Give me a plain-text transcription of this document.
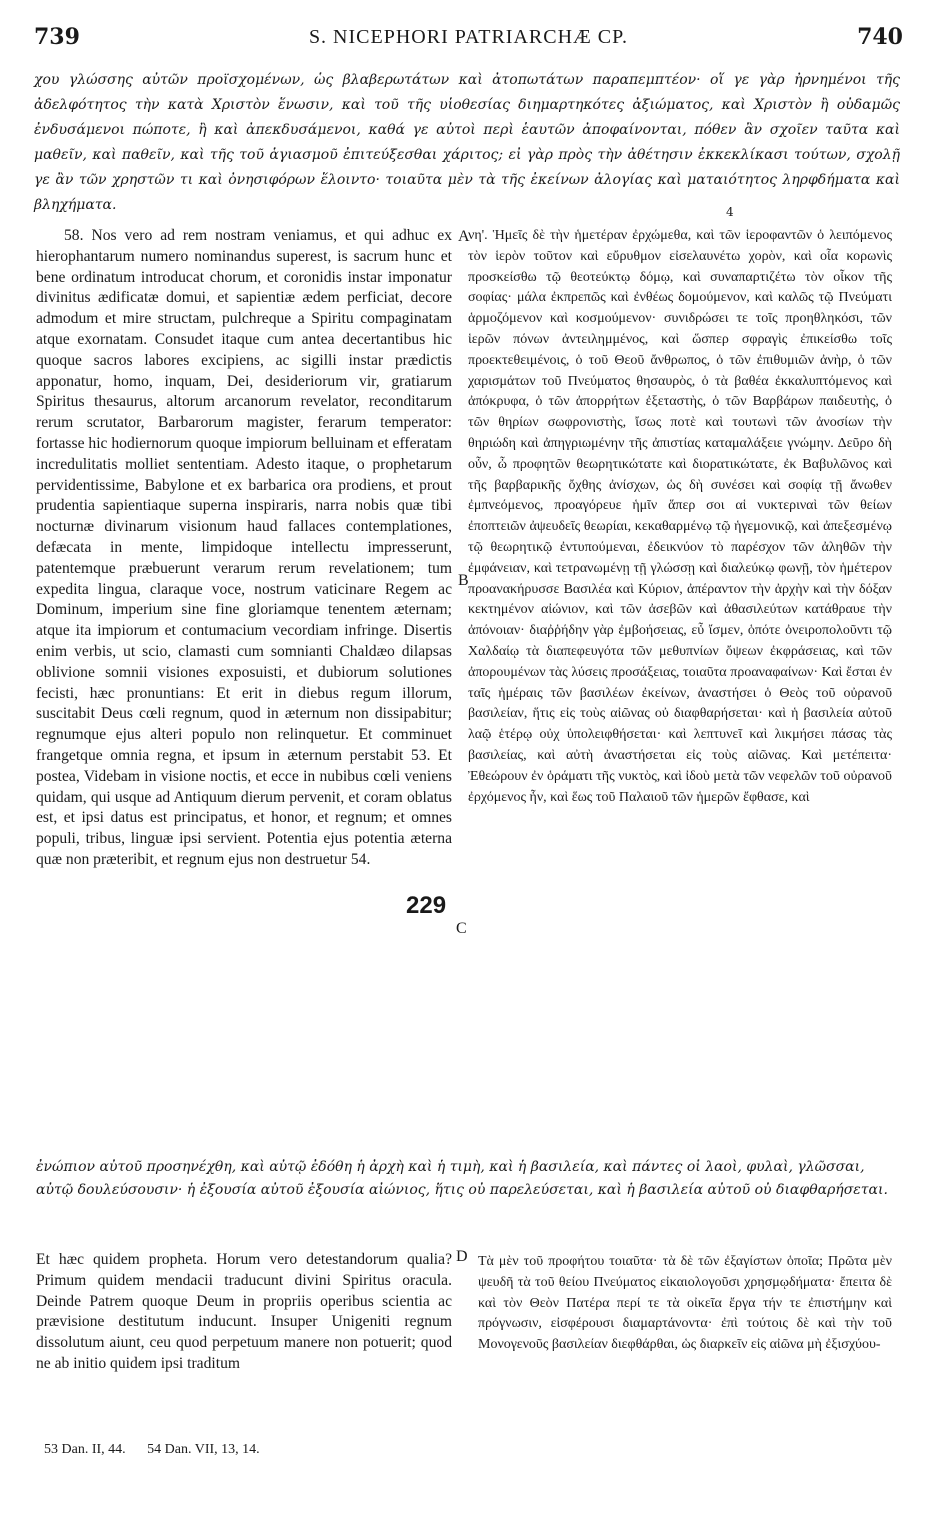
739	S. NICEPHORI PATRIARCHÆ CP.	740

χου γλώσσης αὐτῶν προϊσχομένων, ὡς βλαβερωτάτων καὶ ἀτοπωτάτων παραπεμπτέον· οἵ γε γὰρ ἠρνημένοι τῆς ἀδελφότητος τὴν κατὰ Χριστὸν ἕνωσιν, καὶ τοῦ τῆς υἱοθεσίας διημαρτηκότες ἀξιώματος, καὶ Χριστὸν ἢ οὐδαμῶς ἐνδυσάμενοι πώποτε, ἢ καὶ ἀπεκδυσάμενοι, καθά γε αὐτοὶ περὶ ἑαυτῶν ἀποφαίνονται, πόθεν ἂν σχοῖεν ταῦτα καὶ μαθεῖν, καὶ παθεῖν, καὶ τῆς τοῦ ἁγιασμοῦ ἐπιτεύξεσθαι χάριτος; εἰ γὰρ πρὸς τὴν ἀθέτησιν ἐκκεκλίκασι τούτων, σχολῇ γε ἂν τῶν χρηστῶν τι καὶ ὀνησιφόρων ἕλοιντο· τοιαῦτα μὲν τὰ τῆς ἐκείνων ἀλογίας καὶ ματαιότητος ληρφδήματα καὶ βληχήματα.	4

58. Nos vero ad rem nostram veniamus, et qui adhuc ex hierophantarum numero nominandus superest, is sacrum hunc et bene ordinatum introducat chorum, et coronidis instar imponatur divinitus ædificatæ domui, et sapientiæ ædem perficiat, decore admodum et mire structam, pulchreque a Spiritu compaginatam atque exornatam. Consudet itaque cum antea decertantibus hic quoque sacros labores excipiens, ac sigilli instar prædictis apponatur, homo, inquam, Dei, desideriorum vir, gratiarum Spiritus thesaurus, altorum arcanorum revelator, reconditarum rerum scrutator, Barbarorum magister, ferarum temperator: fortasse hic hodiernorum quoque impiorum belluinam et efferatam incredulitatis molliet sententiam. Adesto itaque, o prophetarum pervidentissime, Babylone et ex barbarica ora prodiens, et prout prudentia sapientiaque superna inspiraris, narra nobis quæ tibi nocturnæ divinarum visionum haud fallaces contemplationes, defæcata in mente, limpidoque intellectu impresserunt, patentemque præbuerunt verarum rerum revelationem; tum expedita lingua, claraque voce, nostrum vaticinare Regem ac Dominum, imperium sine fine gloriamque tenentem æternam; atque ita impiorum et contumacium vecordiam infringe. Disertis enim verbis, ut scio, clamasti cum somnianti Chaldæo dilapsas oblivione somnii visiones exposuisti, et dubiorum solutiones fecisti, hæc pronuntians: Et erit in diebus regum illorum, suscitabit Deus cœli regnum, quod in æternum non dissipabitur; regnumque ejus alteri populo non relinquetur. Et comminuet frangetque omnia regna, et ipsum in æternum perstabit 53. Et postea, Videbam in visione noctis, et ecce in nubibus cœli veniens quidam, qui usque ad Antiquum dierum pervenit, et coram oblatus est, et ipsi datus est principatus, et honor, et regnum; et omnes populi, tribus, linguæ ipsi servient. Potentia ejus potentia æterna quæ non præteribit, et regnum ejus non destruetur 54.

A
B
229
C
D

νη'. Ἡμεῖς δὲ τὴν ἡμετέραν ἐρχώμεθα, καὶ τῶν ἱεροφαντῶν ὁ λειπόμενος τὸν ἱερὸν τοῦτον καὶ εὔρυθμον εἰσελαυνέτω χορὸν, καὶ οἷα κορωνὶς προσκείσθω τῷ θεοτεύκτῳ δόμῳ, καὶ συναπαρτιζέτω τὸν οἶκον τῆς σοφίας· μάλα ἐκπρεπῶς καὶ ἐνθέως δομούμενον, καὶ καλῶς τῷ Πνεύματι ἁρμοζόμενον καὶ κοσμούμενον· συνιδρώσει τε τοῖς προηθληκόσι, τῶν ἱερῶν πόνων ἀντειλημμένος, καὶ ὥσπερ σφραγὶς ἐπικείσθω τοῖς προεκτεθειμένοις, ὁ τοῦ Θεοῦ ἄνθρωπος, ὁ τῶν ἐπιθυμιῶν ἀνὴρ, ὁ τῶν χαρισμάτων τοῦ Πνεύματος θησαυρὸς, ὁ τὰ βαθέα ἐκκαλυπτόμενος καὶ ἀπόκρυφα, ὁ τῶν ἀπορρήτων ἐξεταστὴς, ὁ τῶν Βαρβάρων παιδευτὴς, ὁ τῶν θηρίων σωφρονιστὴς, ἴσως ποτὲ καὶ τουτωνὶ τῶν ἀνοσίων τὴν θηριώδη καὶ ἀπηγριωμένην τῆς ἀπιστίας καταμαλάξειε γνώμην. Δεῦρο δὴ οὖν, ὦ προφητῶν θεωρητικώτατε καὶ διορατικώτατε, ἐκ Βαβυλῶνος καὶ τῆς βαρβαρικῆς ὄχθης ἀνίσχων, ὡς δὴ συνέσει καὶ σοφίᾳ τῇ ἄνωθεν ἐμπνεόμενος, προαγόρευε ἡμῖν ἅπερ σοι αἱ νυκτεριναὶ τῶν θείων ἐποπτειῶν ἀψευδεῖς θεωρίαι, κεκαθαρμένῳ τῷ ἡγεμονικῷ, καὶ ἀπεξεσμένῳ τῷ θεωρητικῷ ἐντυπούμεναι, ἐδεικνύον τὸ παρέσχον τῶν ἀληθῶν τὴν ἐμφάνειαν, καὶ τετρανωμένῃ τῇ γλώσσῃ καὶ διαλεύκῳ φωνῇ, τὸν ἡμέτερον προανακήρυσσε Βασιλέα καὶ Κύριον, ἀπέραντον τὴν ἀρχὴν καὶ τὴν δόξαν κεκτημένον αἰώνιον, καὶ τῶν ἀσεβῶν καὶ ἀθασιλεύτων κατάθραυε τὴν ἀπόνοιαν· διαῤῥήδην γὰρ ἐμβοήσειας, εὖ ἴσμεν, ὁπότε ὀνειροπολοῦντι τῷ Χαλδαίῳ τὰ διαπεφευγότα τῶν μεθυπνίων ὄψεων ἐκφράσειας, καὶ τῶν ἀπορουμένων τὰς λύσεις προσάξειας, τοιαῦτα προαναφαίνων· Καὶ ἔσται ἐν ταῖς ἡμέραις τῶν βασιλέων ἐκείνων, ἀναστήσει ὁ Θεὸς τοῦ οὐρανοῦ βασιλείαν, ἥτις εἰς τοὺς αἰῶνας οὐ διαφθαρήσεται· καὶ ἡ βασιλεία αὐτοῦ λαῷ ἑτέρῳ οὐχ ὑπολειφθήσεται· καὶ λεπτυνεῖ καὶ λικμήσει πάσας τὰς βασιλείας, καὶ αὐτὴ ἀναστήσεται εἰς τοὺς αἰῶνας. Καὶ μετέπειτα· Ἐθεώρουν ἐν ὁράματι τῆς νυκτὸς, καὶ ἰδοὺ μετὰ τῶν νεφελῶν τοῦ οὐρανοῦ ἐρχόμενος ἦν, καὶ ἕως τοῦ Παλαιοῦ τῶν ἡμερῶν ἔφθασε, καὶ

ἐνώπιον αὐτοῦ προσηνέχθη, καὶ αὐτῷ ἐδόθη ἡ ἀρχὴ καὶ ἡ τιμὴ, καὶ ἡ βασιλεία, καὶ πάντες οἱ λαοὶ, φυλαὶ, γλῶσσαι, αὐτῷ δουλεύσουσιν· ἡ ἐξουσία αὐτοῦ ἐξουσία αἰώνιος, ἥτις οὐ παρελεύσεται, καὶ ἡ βασιλεία αὐτοῦ οὐ διαφθαρήσεται.

Et hæc quidem propheta. Horum vero detestandorum qualia? Primum quidem mendacii traducunt divini Spiritus oracula. Deinde Patrem quoque Deum in propriis operibus scientia ac prævisione destitutum inducunt. Insuper Unigeniti regnum dissolutum aiunt, ceu quod perpetuum manere non potuerit; quod ne ab initio quidem ipsi traditum

Τὰ μὲν τοῦ προφήτου τοιαῦτα· τὰ δὲ τῶν ἐξαγίστων ὁποῖα; Πρῶτα μὲν ψευδῆ τὰ τοῦ θείου Πνεύματος εἰκαιολογοῦσι χρησμῳδήματα· ἔπειτα δὲ καὶ τὸν Θεὸν Πατέρα περί τε τὰ οἰκεῖα ἔργα τήν τε ἐπιστήμην καὶ πρόγνωσιν, εἰσφέρουσι διαμαρτάνοντα· ἐπὶ τούτοις δὲ καὶ τὴν τοῦ Μονογενοῦς βασιλείαν διεφθάρθαι, ὡς διαρκεῖν εἰς αἰῶνα μὴ ἐξισχύου-

53 Dan. II, 44. 54 Dan. VII, 13, 14.
